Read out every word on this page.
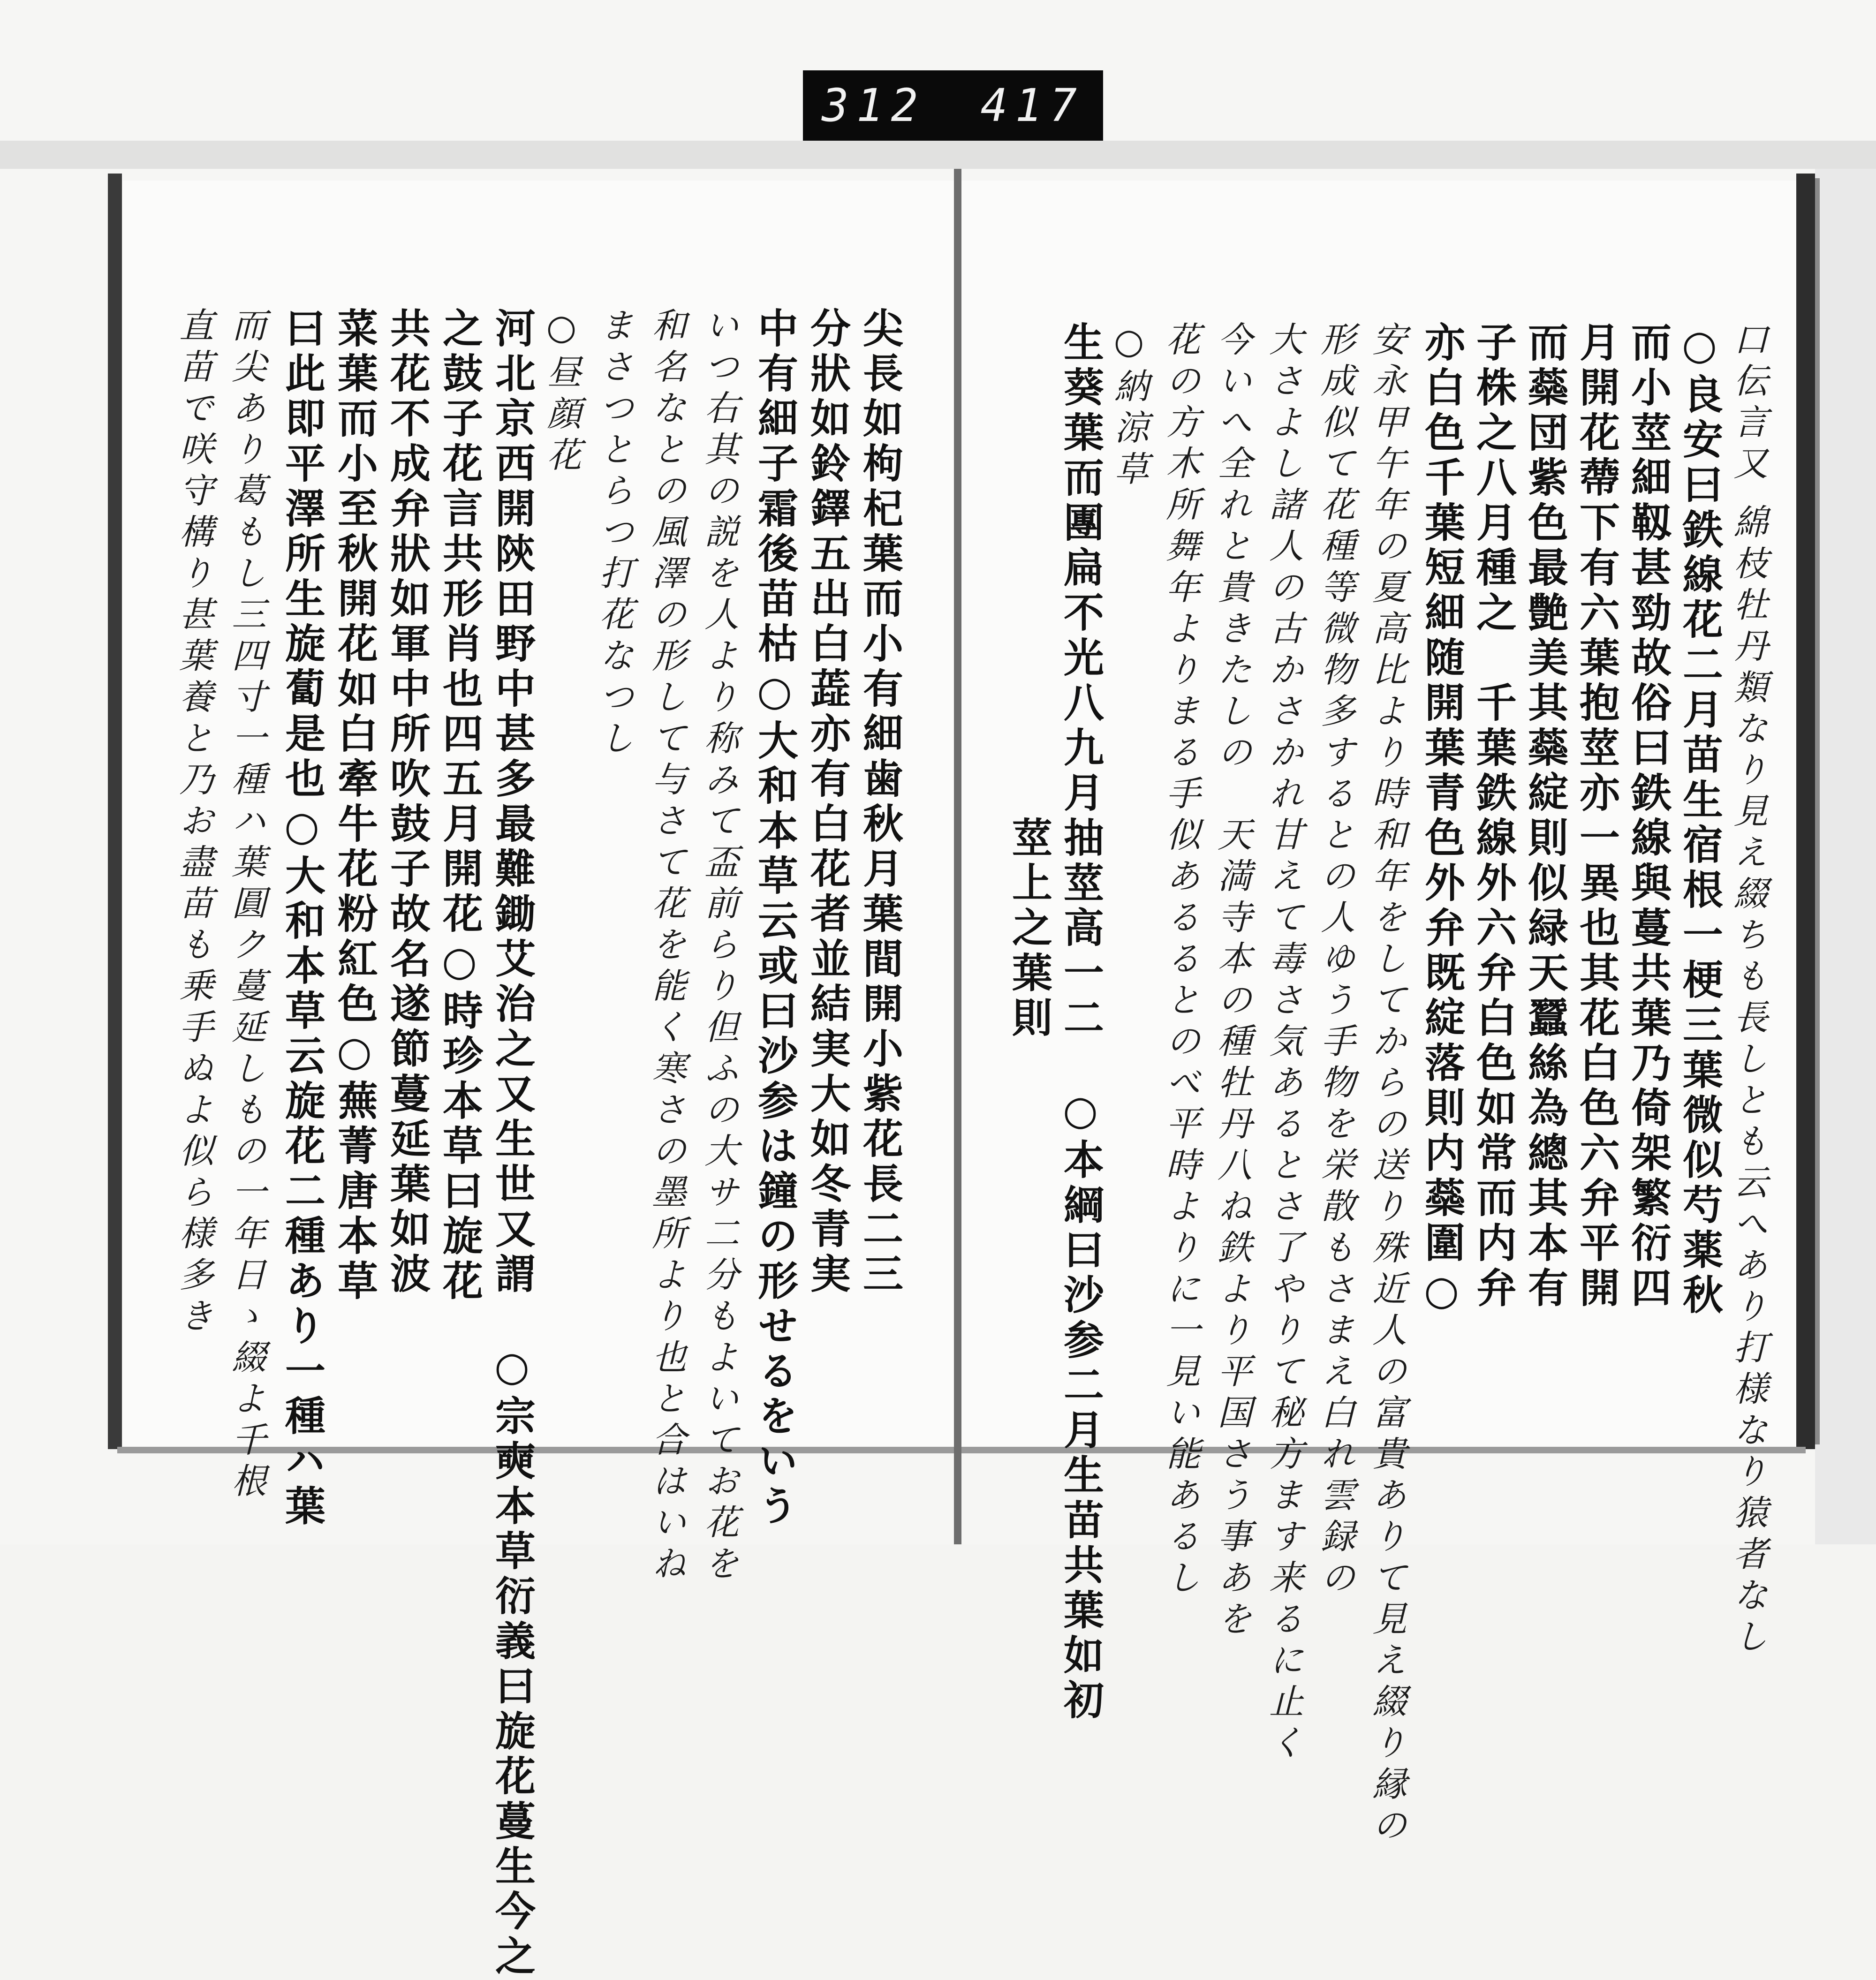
312 417
尖長如枸杞葉而小有細歯秋月葉間開小紫花長二三
分狀如鈴鐸五出白蕋亦有白花者並結実大如冬青実
中有細子霜後苗枯○大和本草云或曰沙参は鐘の形せるをいう
いつ右其の説を人より称みて盃前らり但ふの大サ二分もよいてお花を
和名なとの風澤の形して与さて花を能く寒さの墨所より也と合はいね
まさつとらつ打花なつし
○昼顔花
河北京西開陝田野中甚多最難鋤艾治之又生世又謂　○宗奭本草衍義曰旋花蔓生今之
之鼓子花言共形肖也四五月開花○時珍本草曰旋花
共花不成弁狀如軍中所吹鼓子故名遂節蔓延葉如波
菜葉而小至秋開花如白牽牛花粉紅色○蕪菁唐本草
曰此即平澤所生旋蔔是也○大和本草云旋花二種あり一種ハ葉
而尖あり葛もし三四寸一種ハ葉圓ク蔓延しもの一年日ゝ綴よ千根
直苗で咲守構り甚葉養と乃お盡苗も乗手ぬよ似ら様多き	口伝言又 綿枝牡丹類なり見え綴ちも長しとも云へあり打様なり猿者なし
○良安曰鉄線花二月苗生宿根一梗三葉微似芍薬秋
而小莖細靱甚勁故俗曰鉄線與蔓共葉乃倚架繁衍四
月開花蔕下有六葉抱莖亦一異也其花白色六弁平開
而蘂団紫色最艶美其蘂綻則似緑天蠶絲為總其本有
子株之八月種之　千葉鉄線外六弁白色如常而内弁
亦白色千葉短細随開葉青色外弁既綻落則内蘂圍○
安永甲午年の夏高比より時和年をしてからの送り殊近人の富貴ありて見え綴り縁の
形成似て花種等微物多するとの人ゆう手物を栄散もさまえ白れ雲録の
大さよし諸人の古かさかれ甘えて毒さ気あるとさ了やりて秘方ます来るに止く
今いへ全れと貴きたしの　天満寺本の種牡丹八ね鉄より平国さう事あを
花の方木所舞年よりまる手似あるるとのべ平時よりに一見い能あるし
○納涼草
生葵葉而團扁不光八九月抽莖高一二　○本綱曰沙参二月生苗共葉如初
　　　　　　　　　　　莖上之葉則
